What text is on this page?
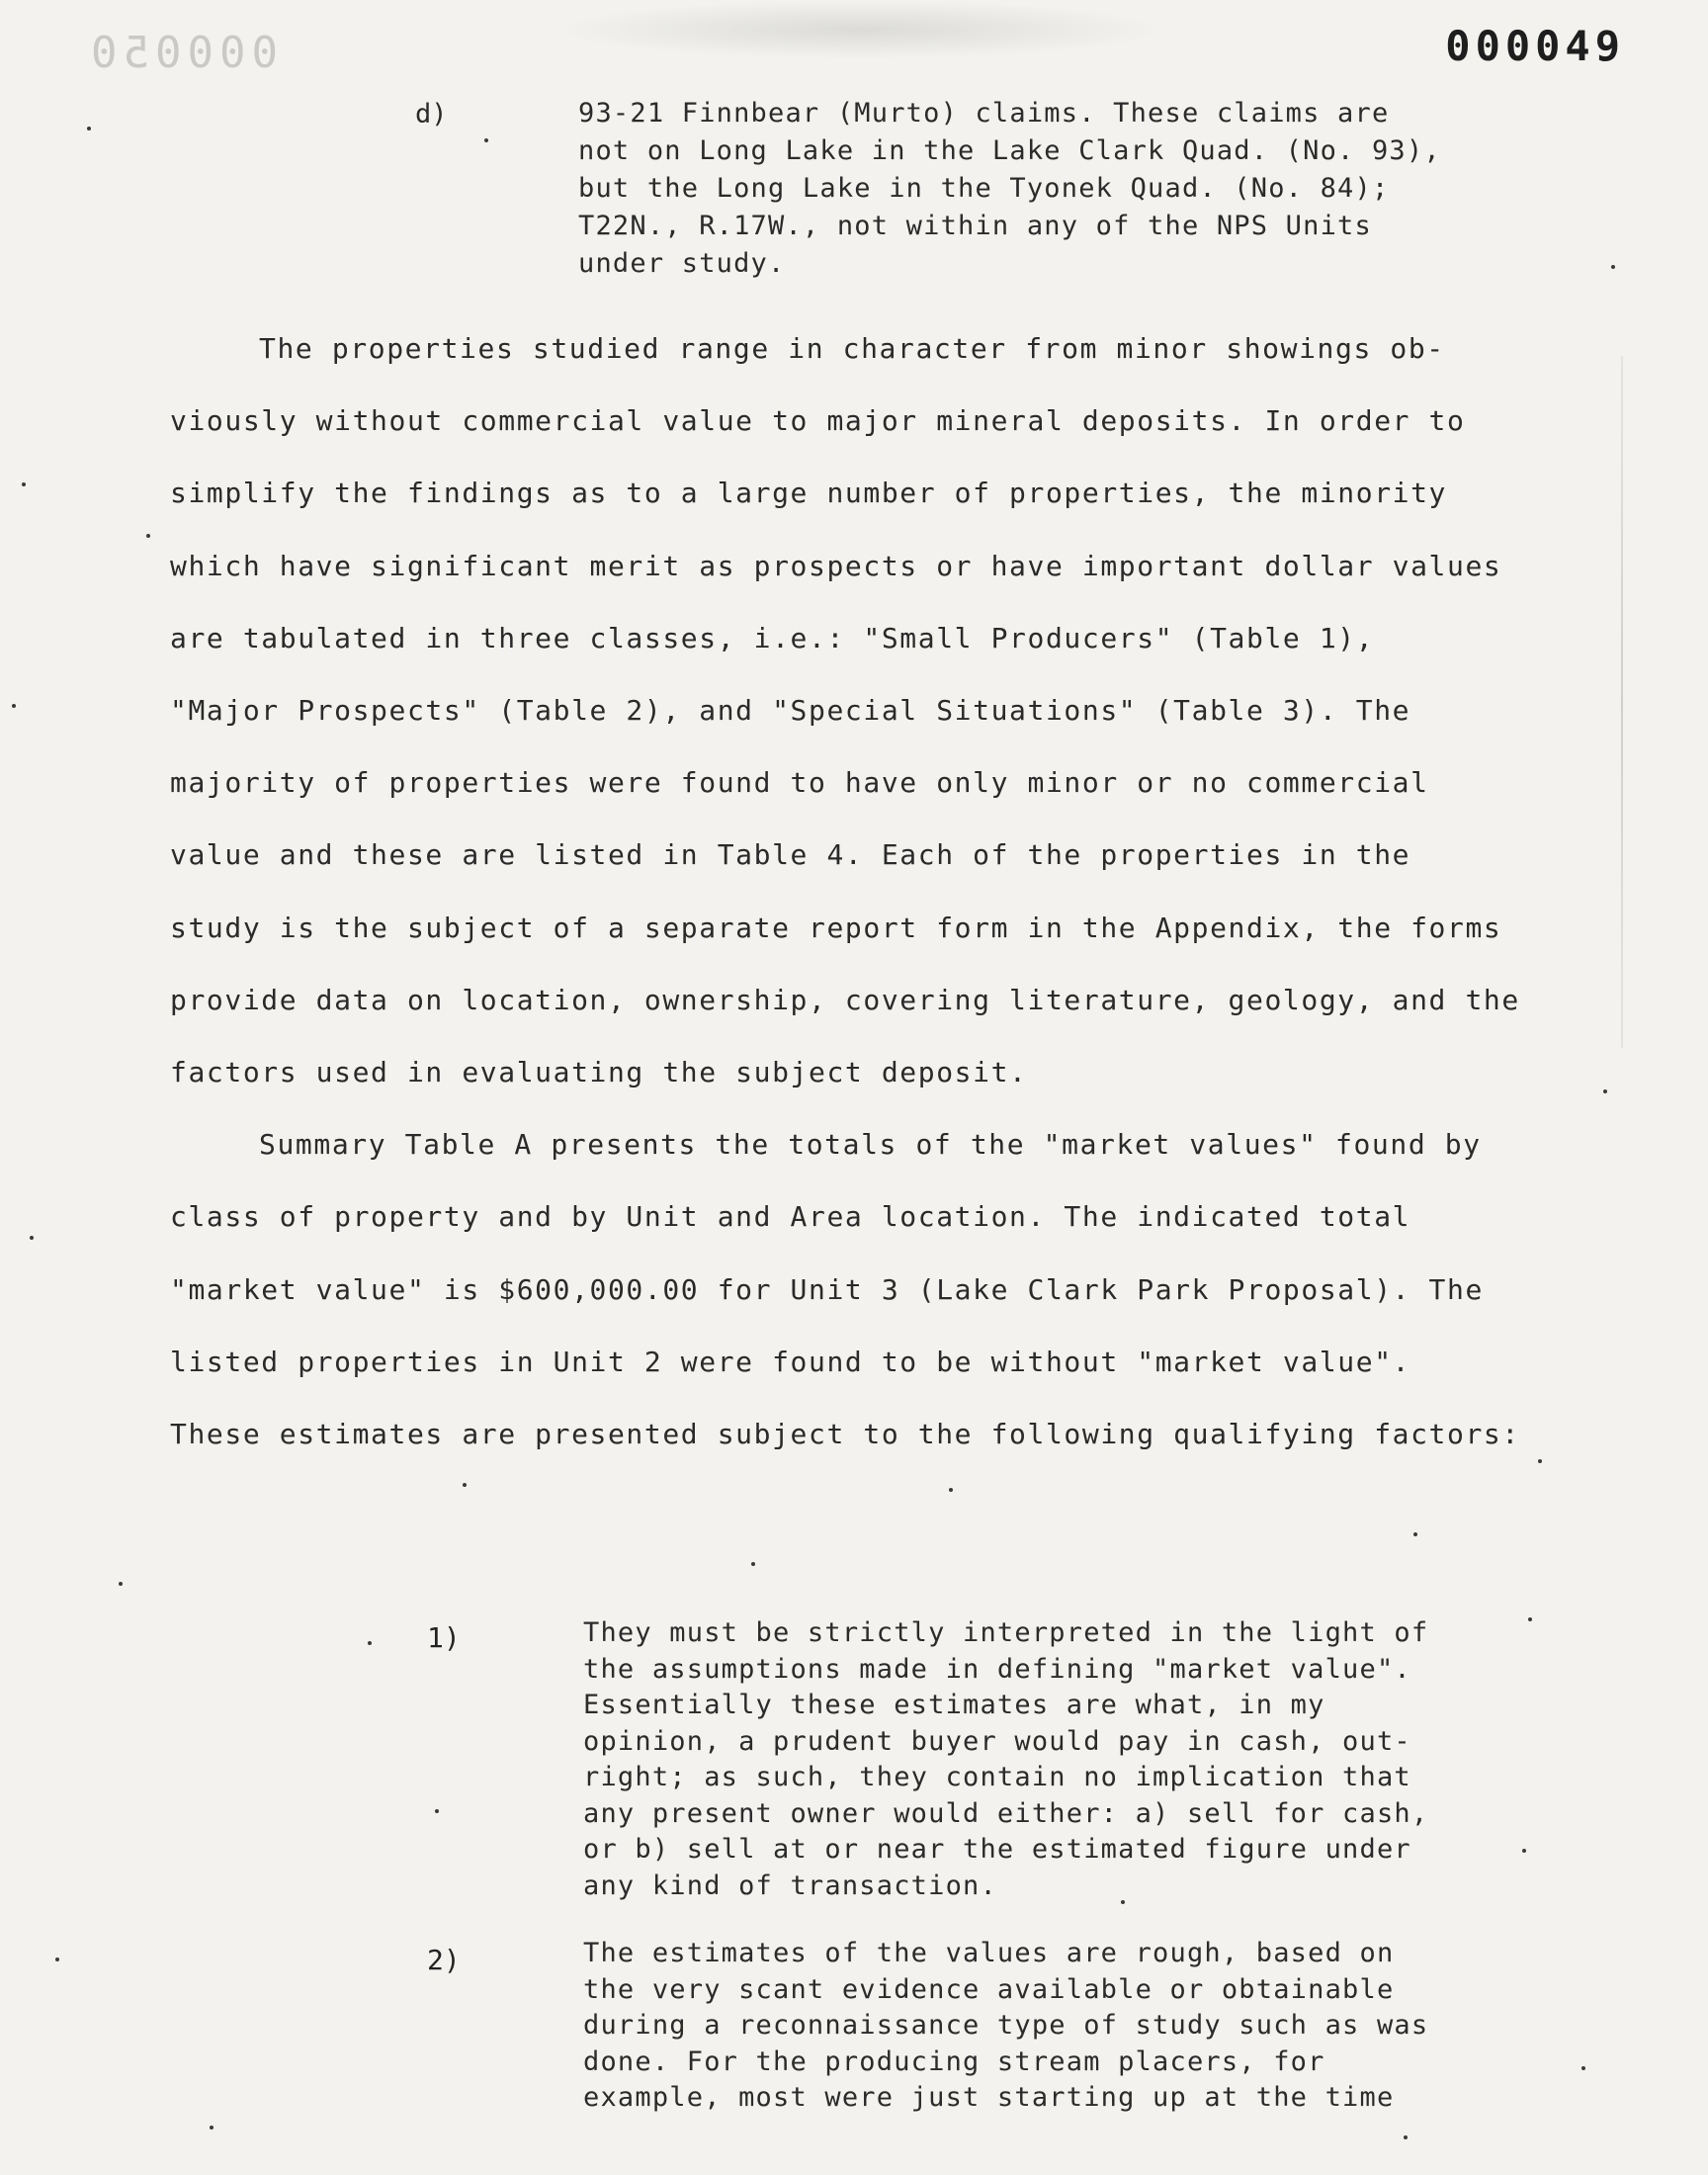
000050	000049
d)	93-21 Finnbear (Murto) claims. These claims are
not on Long Lake in the Lake Clark Quad. (No. 93),
but the Long Lake in the Tyonek Quad. (No. 84);
T22N., R.17W., not within any of the NPS Units
under study.
The properties studied range in character from minor showings ob-
viously without commercial value to major mineral deposits. In order to
simplify the findings as to a large number of properties, the minority
which have significant merit as prospects or have important dollar values
are tabulated in three classes, i.e.: "Small Producers" (Table 1),
"Major Prospects" (Table 2), and "Special Situations" (Table 3). The
majority of properties were found to have only minor or no commercial
value and these are listed in Table 4. Each of the properties in the
study is the subject of a separate report form in the Appendix, the forms
provide data on location, ownership, covering literature, geology, and the
factors used in evaluating the subject deposit.
Summary Table A presents the totals of the "market values" found by
class of property and by Unit and Area location. The indicated total
"market value" is $600,000.00 for Unit 3 (Lake Clark Park Proposal). The
listed properties in Unit 2 were found to be without "market value".
These estimates are presented subject to the following qualifying factors:
1)	They must be strictly interpreted in the light of
the assumptions made in defining "market value".
Essentially these estimates are what, in my
opinion, a prudent buyer would pay in cash, out-
right; as such, they contain no implication that
any present owner would either: a) sell for cash,
or b) sell at or near the estimated figure under
any kind of transaction.
2)	The estimates of the values are rough, based on
the very scant evidence available or obtainable
during a reconnaissance type of study such as was
done. For the producing stream placers, for
example, most were just starting up at the time
